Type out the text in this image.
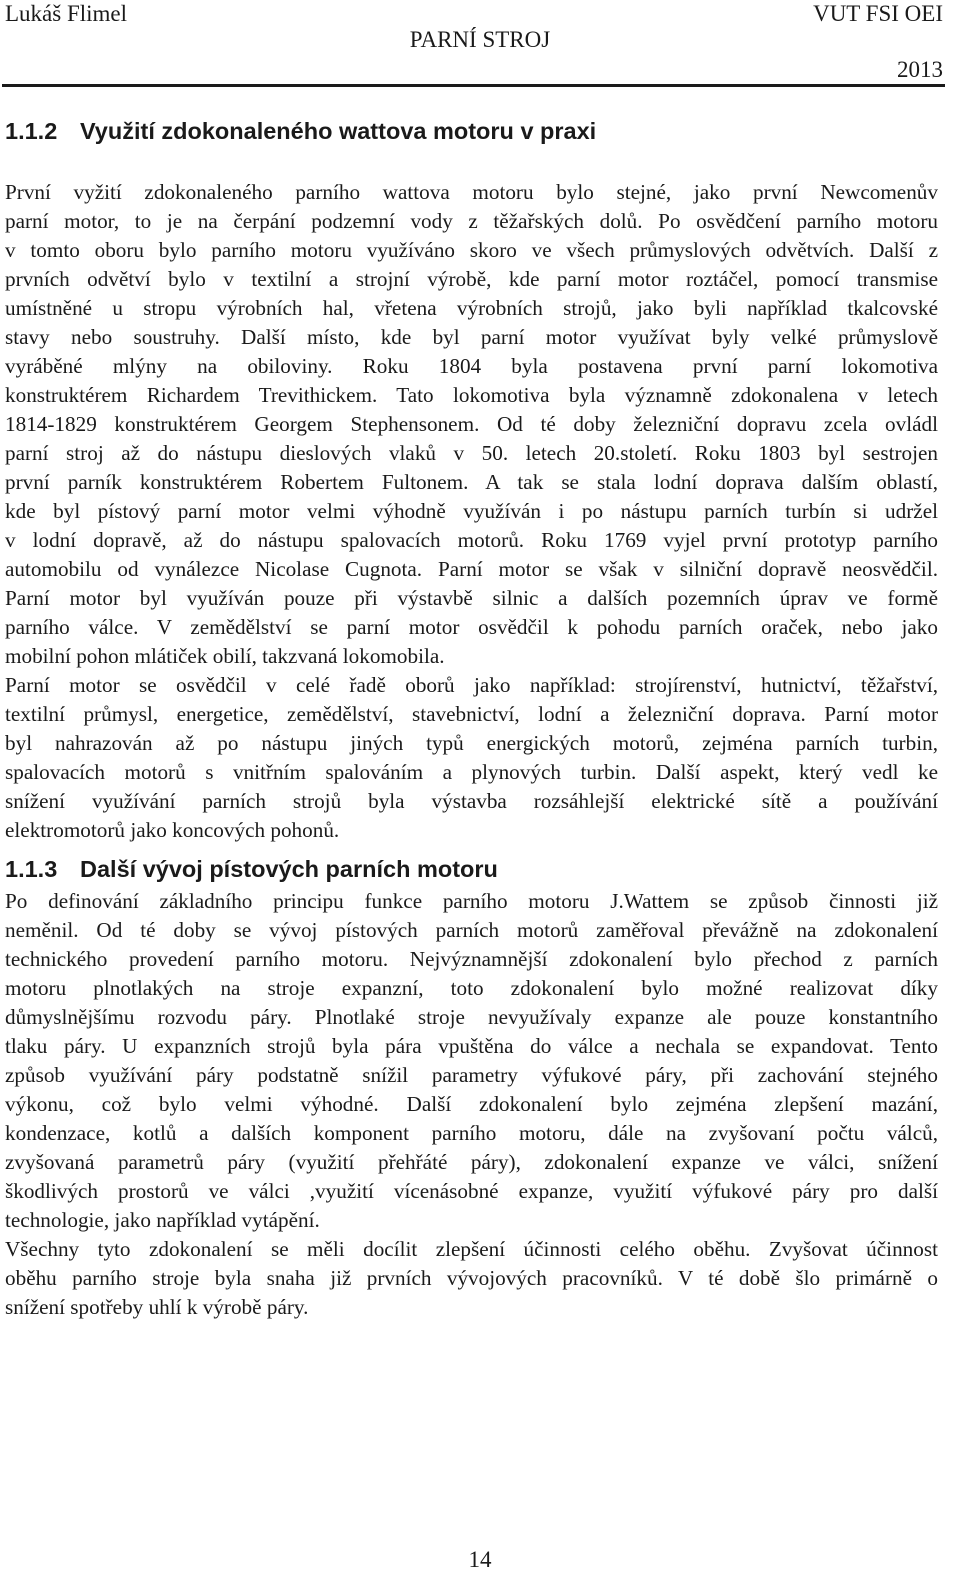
Lukáš Flimel
PARNÍ STROJ
VUT FSI OEI
2013
1.1.2 Využití zdokonaleného wattova motoru v praxi
První vyžití zdokonaleného parního wattova motoru bylo stejné, jako první Newcomenův
parní motor, to je na čerpání podzemní vody z těžařských dolů. Po osvědčení parního motoru
v tomto oboru bylo parního motoru využíváno skoro ve všech průmyslových odvětvích. Další z
prvních odvětví bylo v textilní a strojní výrobě, kde parní motor roztáčel, pomocí transmise
umístněné u stropu výrobních hal, vřetena výrobních strojů, jako byli například tkalcovské
stavy nebo soustruhy. Další místo, kde byl parní motor využívat byly velké průmyslově
vyráběné mlýny na obiloviny. Roku 1804 byla postavena první parní lokomotiva
konstruktérem Richardem Trevithickem. Tato lokomotiva byla významně zdokonalena v letech
1814-1829 konstruktérem Georgem Stephensonem. Od té doby železniční dopravu zcela ovládl
parní stroj až do nástupu dieslových vlaků v 50. letech 20.století. Roku 1803 byl sestrojen
první parník konstruktérem Robertem Fultonem. A tak se stala lodní doprava dalším oblastí,
kde byl pístový parní motor velmi výhodně využíván i po nástupu parních turbín si udržel
v lodní dopravě, až do nástupu spalovacích motorů. Roku 1769 vyjel první prototyp parního
automobilu od vynálezce Nicolase Cugnota. Parní motor se však v silniční dopravě neosvědčil.
Parní motor byl využíván pouze při výstavbě silnic a dalších pozemních úprav ve formě
parního válce. V zemědělství se parní motor osvědčil k pohodu parních oraček, nebo jako
mobilní pohon mlátiček obilí, takzvaná lokomobila.
Parní motor se osvědčil v celé řadě oborů jako například: strojírenství, hutnictví, těžařství,
textilní průmysl, energetice, zemědělství, stavebnictví, lodní a železniční doprava. Parní motor
byl nahrazován až po nástupu jiných typů energických motorů, zejména parních turbin,
spalovacích motorů s vnitřním spalováním a plynových turbin. Další aspekt, který vedl ke
snížení využívání parních strojů byla výstavba rozsáhlejší elektrické sítě a používání
elektromotorů jako koncových pohonů.
1.1.3 Další vývoj pístových parních motoru
Po definování základního principu funkce parního motoru J.Wattem se způsob činnosti již
neměnil. Od té doby se vývoj pístových parních motorů zaměřoval převážně na zdokonalení
technického provedení parního motoru. Nejvýznamnější zdokonalení bylo přechod z parních
motoru plnotlakých na stroje expanzní, toto zdokonalení bylo možné realizovat díky
důmyslnějšímu rozvodu páry. Plnotlaké stroje nevyužívaly expanze ale pouze konstantního
tlaku páry. U expanzních strojů byla pára vpuštěna do válce a nechala se expandovat. Tento
způsob využívání páry podstatně snížil parametry výfukové páry, při zachování stejného
výkonu, což bylo velmi výhodné. Další zdokonalení bylo zejména zlepšení mazání,
kondenzace, kotlů a dalších komponent parního motoru, dále na zvyšovaní počtu válců,
zvyšovaná parametrů páry (využití přehřáté páry), zdokonalení expanze ve válci, snížení
škodlivých prostorů ve válci ,využití vícenásobné expanze, využití výfukové páry pro další
technologie, jako například vytápění.
Všechny tyto zdokonalení se měli docílit zlepšení účinnosti celého oběhu. Zvyšovat účinnost
oběhu parního stroje byla snaha již prvních vývojových pracovníků. V té době šlo primárně o
snížení spotřeby uhlí k výrobě páry.
14
